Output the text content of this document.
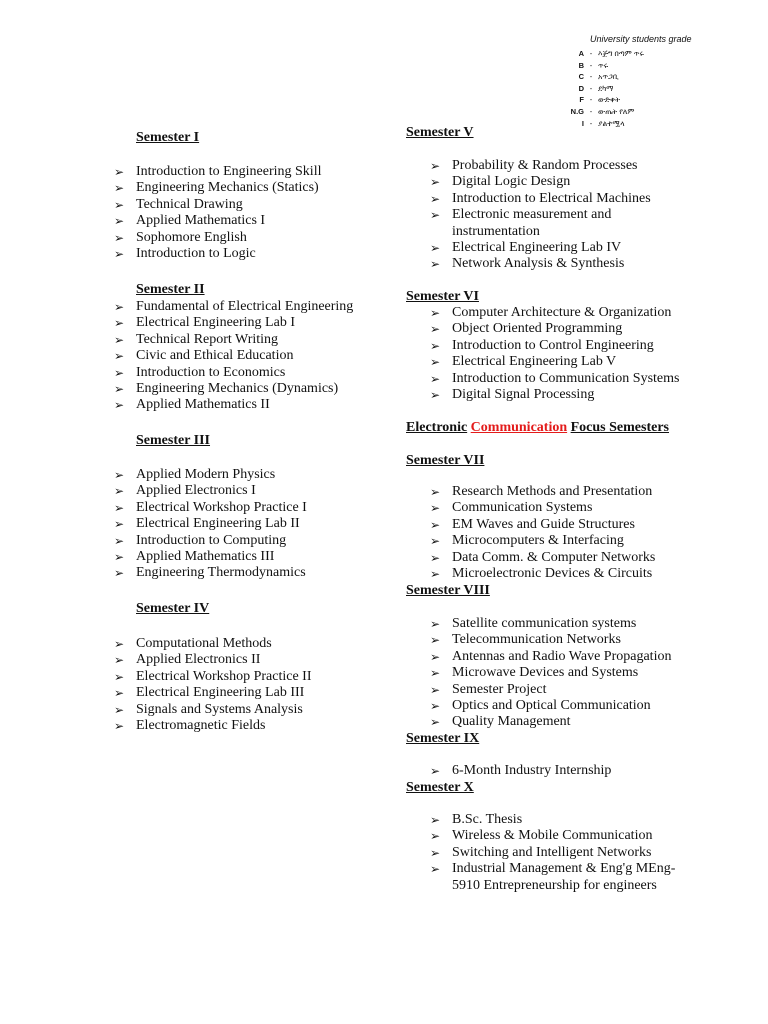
University students grade
A - እጅግ በጣም ጥሩ
B - ጥሩ
C - አጥጋቢ
D - ደካማ
F - ውድቀት
N.G - ውጤት የለም
I - ያልተሟላ
Semester I
➢ Introduction to Engineering Skill
➢ Engineering Mechanics (Statics)
➢ Technical Drawing
➢ Applied Mathematics I
➢ Sophomore English
➢ Introduction to Logic
Semester II
➢ Fundamental of Electrical Engineering
➢ Electrical Engineering Lab I
➢ Technical Report Writing
➢ Civic and Ethical Education
➢ Introduction to Economics
➢ Engineering Mechanics (Dynamics)
➢ Applied Mathematics II
Semester III
➢ Applied Modern Physics
➢ Applied Electronics I
➢ Electrical Workshop Practice I
➢ Electrical Engineering Lab II
➢ Introduction to Computing
➢ Applied Mathematics III
➢ Engineering Thermodynamics
Semester IV
➢ Computational Methods
➢ Applied Electronics II
➢ Electrical Workshop Practice II
➢ Electrical Engineering Lab III
➢ Signals and Systems Analysis
➢ Electromagnetic Fields
Semester V
➢ Probability & Random Processes
➢ Digital Logic Design
➢ Introduction to Electrical Machines
➢ Electronic measurement and instrumentation
➢ Electrical Engineering Lab IV
➢ Network Analysis & Synthesis
Semester VI
➢ Computer Architecture & Organization
➢ Object Oriented Programming
➢ Introduction to Control Engineering
➢ Electrical Engineering Lab V
➢ Introduction to Communication Systems
➢ Digital Signal Processing
Electronic Communication Focus Semesters
Semester VII
➢ Research Methods and Presentation
➢ Communication Systems
➢ EM Waves and Guide Structures
➢ Microcomputers & Interfacing
➢ Data Comm. & Computer Networks
➢ Microelectronic Devices & Circuits
Semester VIII
➢ Satellite communication systems
➢ Telecommunication Networks
➢ Antennas and Radio Wave Propagation
➢ Microwave Devices and Systems
➢ Semester Project
➢ Optics and Optical Communication
➢ Quality Management
Semester IX
➢ 6-Month Industry Internship
Semester X
➢ B.Sc. Thesis
➢ Wireless & Mobile Communication
➢ Switching and Intelligent Networks
➢ Industrial Management & Eng'g MEng-5910 Entrepreneurship for engineers
